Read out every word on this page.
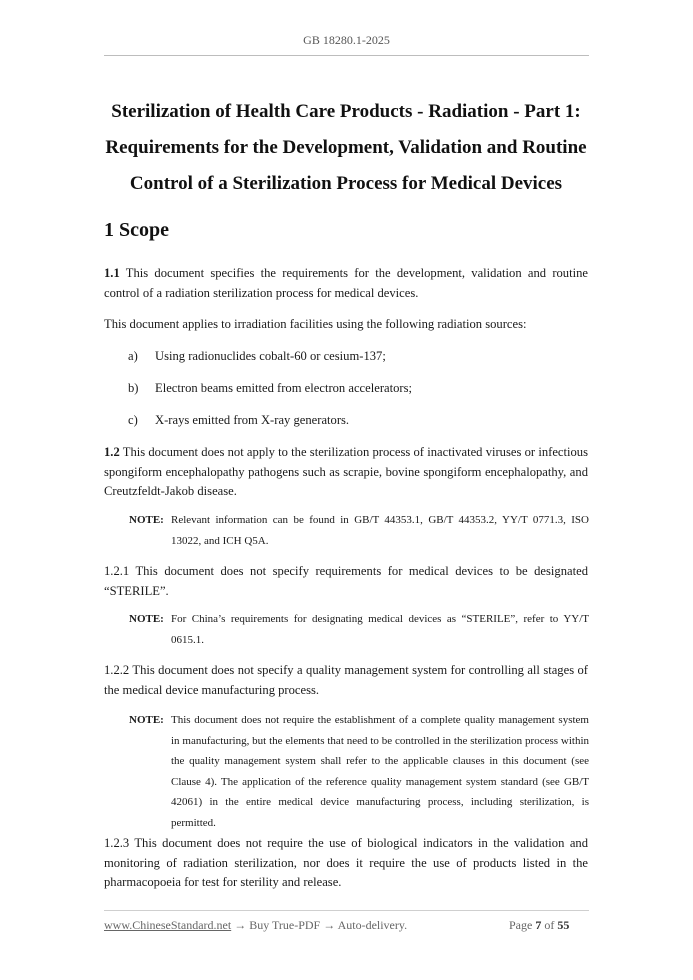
GB 18280.1-2025
Sterilization of Health Care Products - Radiation - Part 1:
Requirements for the Development, Validation and Routine
Control of a Sterilization Process for Medical Devices
1 Scope

1.1 This document specifies the requirements for the development, validation and routine control of a radiation sterilization process for medical devices.

This document applies to irradiation facilities using the following radiation sources:

a) Using radionuclides cobalt-60 or cesium-137;
b) Electron beams emitted from electron accelerators;
c) X-rays emitted from X-ray generators.

1.2 This document does not apply to the sterilization process of inactivated viruses or infectious spongiform encephalopathy pathogens such as scrapie, bovine spongiform encephalopathy, and Creutzfeldt-Jakob disease.

NOTE: Relevant information can be found in GB/T 44353.1, GB/T 44353.2, YY/T 0771.3, ISO 13022, and ICH Q5A.

1.2.1 This document does not specify requirements for medical devices to be designated “STERILE”.

NOTE: For China’s requirements for designating medical devices as “STERILE”, refer to YY/T 0615.1.

1.2.2 This document does not specify a quality management system for controlling all stages of the medical device manufacturing process.

NOTE: This document does not require the establishment of a complete quality management system in manufacturing, but the elements that need to be controlled in the sterilization process within the quality management system shall refer to the applicable clauses in this document (see Clause 4). The application of the reference quality management system standard (see GB/T 42061) in the entire medical device manufacturing process, including sterilization, is permitted.

1.2.3 This document does not require the use of biological indicators in the validation and monitoring of radiation sterilization, nor does it require the use of products listed in the pharmacopoeia for test for sterility and release.

www.ChineseStandard.net → Buy True-PDF → Auto-delivery.	Page 7 of 55
